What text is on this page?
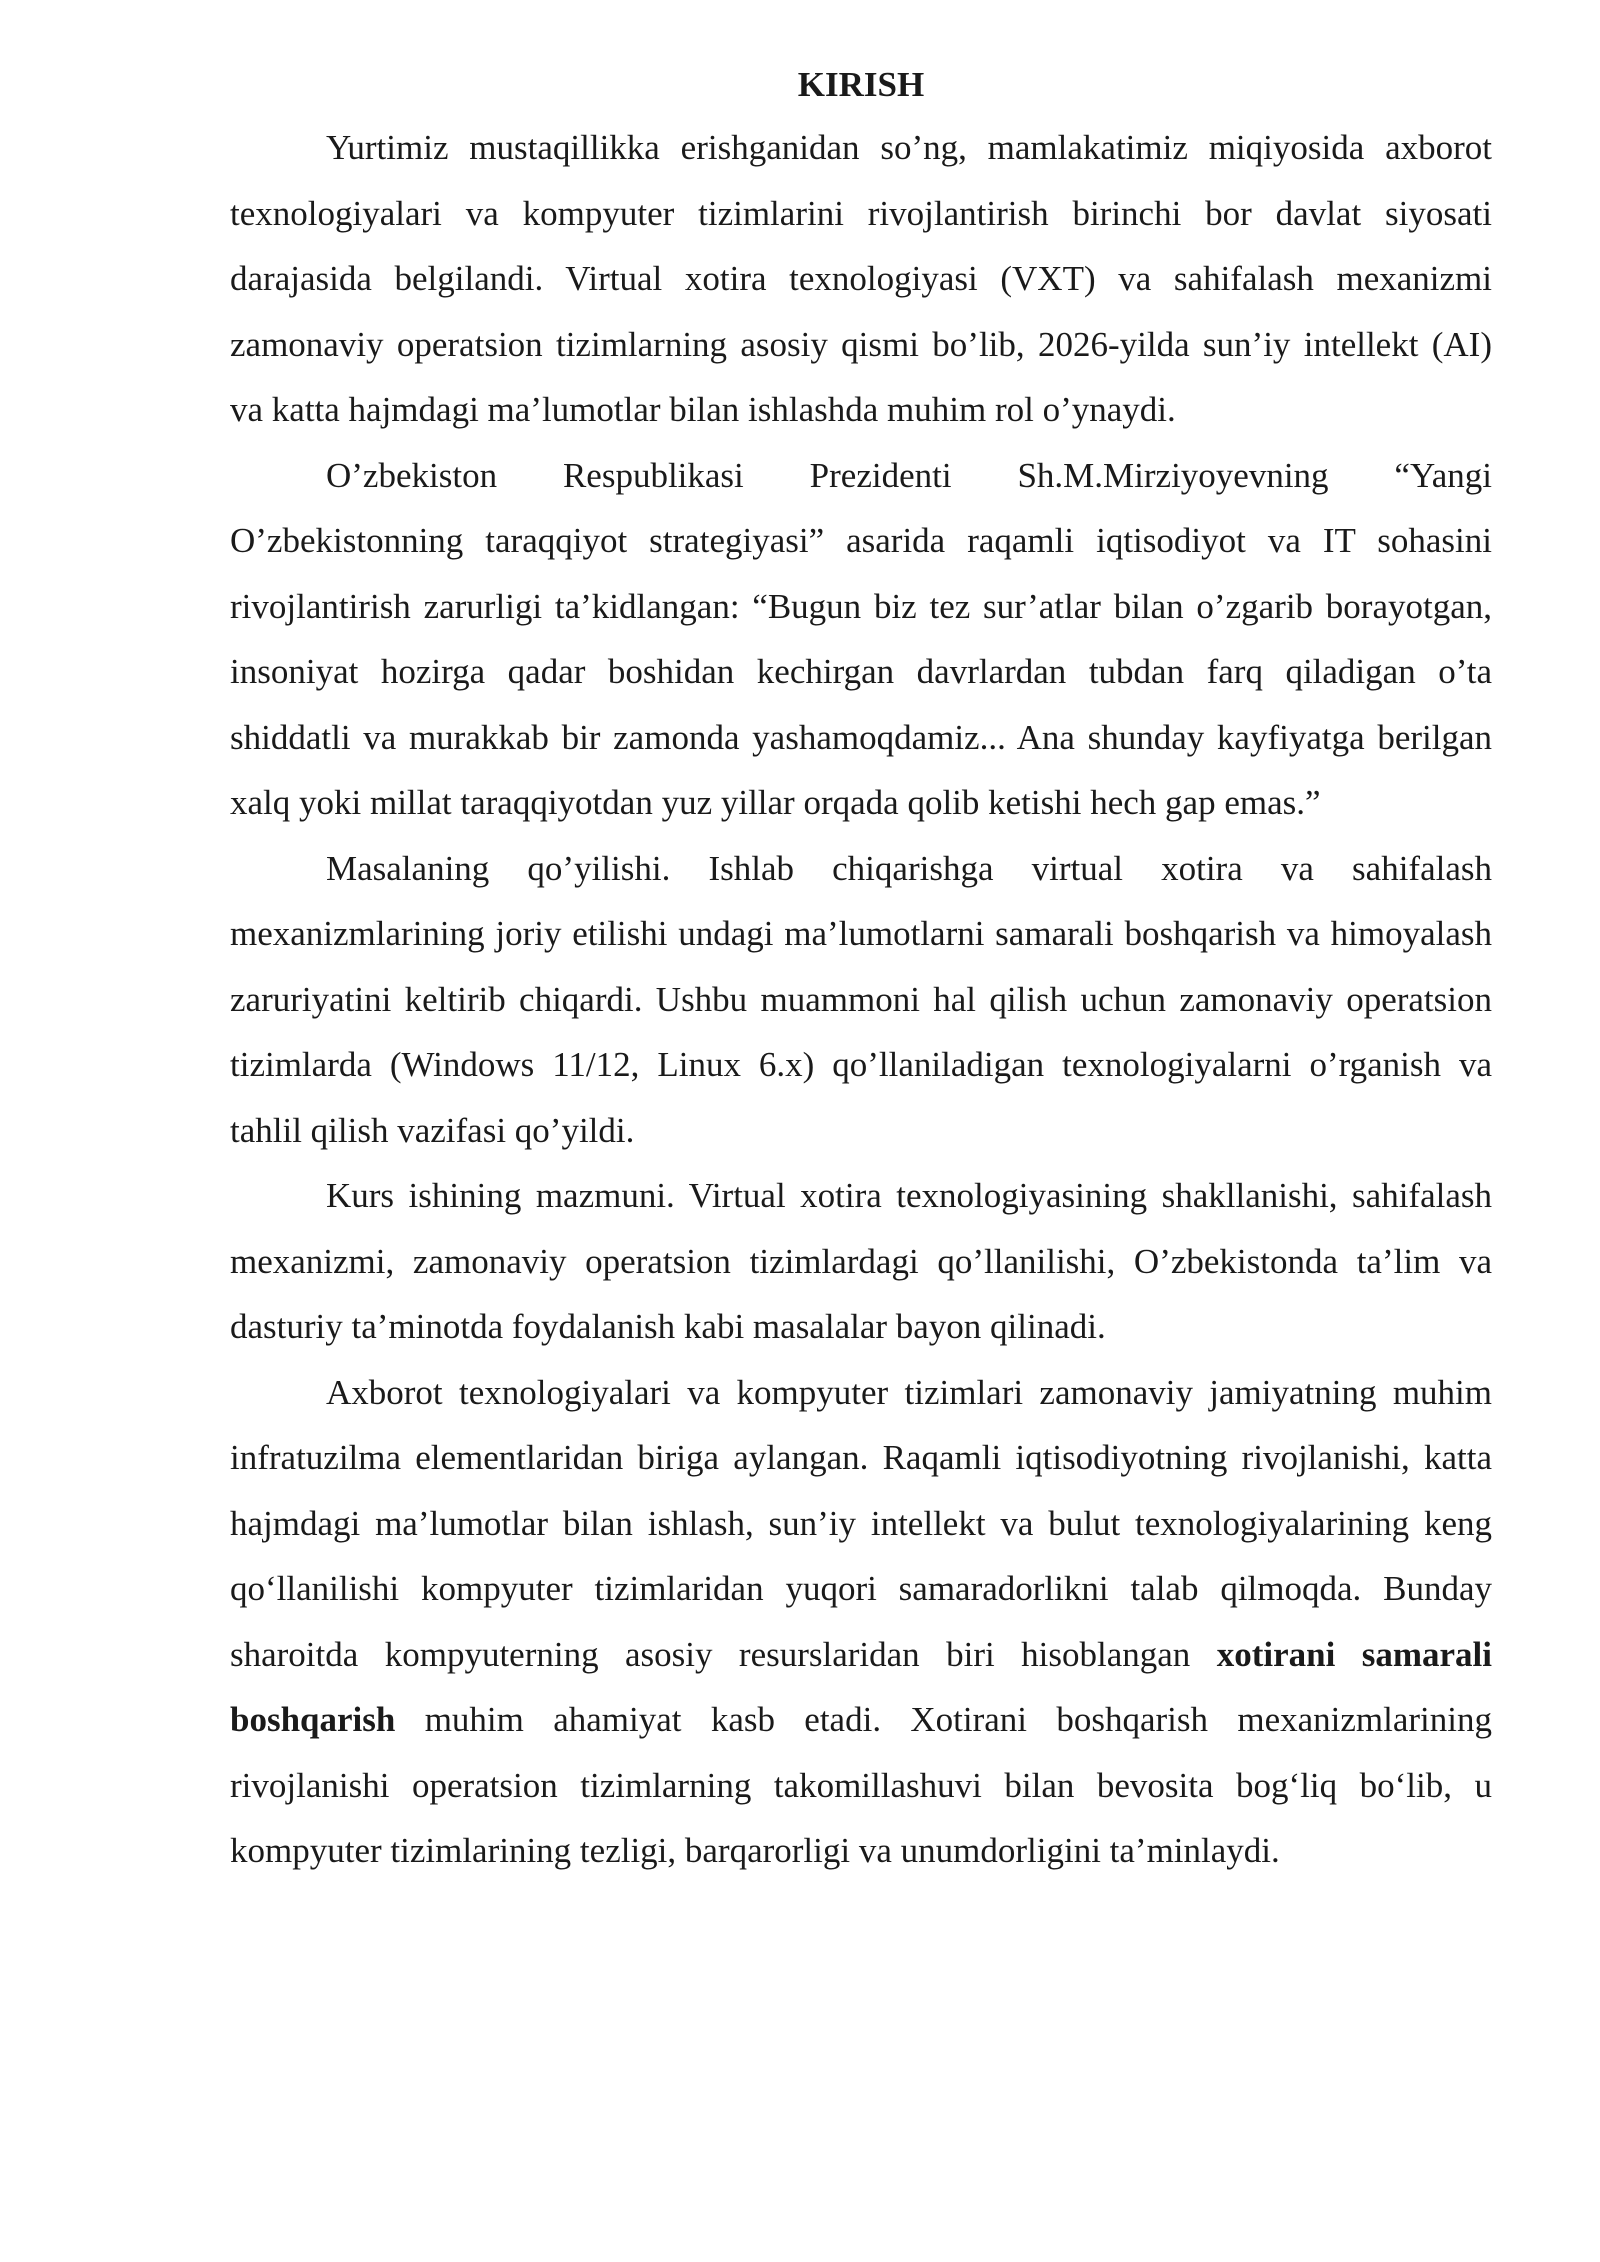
KIRISH

Yurtimiz mustaqillikka erishganidan so’ng, mamlakatimiz miqiyosida axborot texnologiyalari va kompyuter tizimlarini rivojlantirish birinchi bor davlat siyosati darajasida belgilandi. Virtual xotira texnologiyasi (VXT) va sahifalash mexanizmi zamonaviy operatsion tizimlarning asosiy qismi bo’lib, 2026-yilda sun’iy intellekt (AI) va katta hajmdagi ma’lumotlar bilan ishlashda muhim rol o’ynaydi.

O’zbekiston Respublikasi Prezidenti Sh.M.Mirziyoyevning “Yangi O’zbekistonning taraqqiyot strategiyasi” asarida raqamli iqtisodiyot va IT sohasini rivojlantirish zarurligi ta’kidlangan: “Bugun biz tez sur’atlar bilan o’zgarib borayotgan, insoniyat hozirga qadar boshidan kechirgan davrlardan tubdan farq qiladigan o’ta shiddatli va murakkab bir zamonda yashamoqdamiz... Ana shunday kayfiyatga berilgan xalq yoki millat taraqqiyotdan yuz yillar orqada qolib ketishi hech gap emas.”

Masalaning qo’yilishi. Ishlab chiqarishga virtual xotira va sahifalash mexanizmlarining joriy etilishi undagi ma’lumotlarni samarali boshqarish va himoyalash zaruriyatini keltirib chiqardi. Ushbu muammoni hal qilish uchun zamonaviy operatsion tizimlarda (Windows 11/12, Linux 6.x) qo’llaniladigan texnologiyalarni o’rganish va tahlil qilish vazifasi qo’yildi.

Kurs ishining mazmuni. Virtual xotira texnologiyasining shakllanishi, sahifalash mexanizmi, zamonaviy operatsion tizimlardagi qo’llanilishi, O’zbekistonda ta’lim va dasturiy ta’minotda foydalanish kabi masalalar bayon qilinadi.

Axborot texnologiyalari va kompyuter tizimlari zamonaviy jamiyatning muhim infratuzilma elementlaridan biriga aylangan. Raqamli iqtisodiyotning rivojlanishi, katta hajmdagi ma’lumotlar bilan ishlash, sun’iy intellekt va bulut texnologiyalarining keng qo‘llanilishi kompyuter tizimlaridan yuqori samaradorlikni talab qilmoqda. Bunday sharoitda kompyuterning asosiy resurslaridan biri hisoblangan xotirani samarali boshqarish muhim ahamiyat kasb etadi. Xotirani boshqarish mexanizmlarining rivojlanishi operatsion tizimlarning takomillashuvi bilan bevosita bog‘liq bo‘lib, u kompyuter tizimlarining tezligi, barqarorligi va unumdorligini ta’minlaydi.
